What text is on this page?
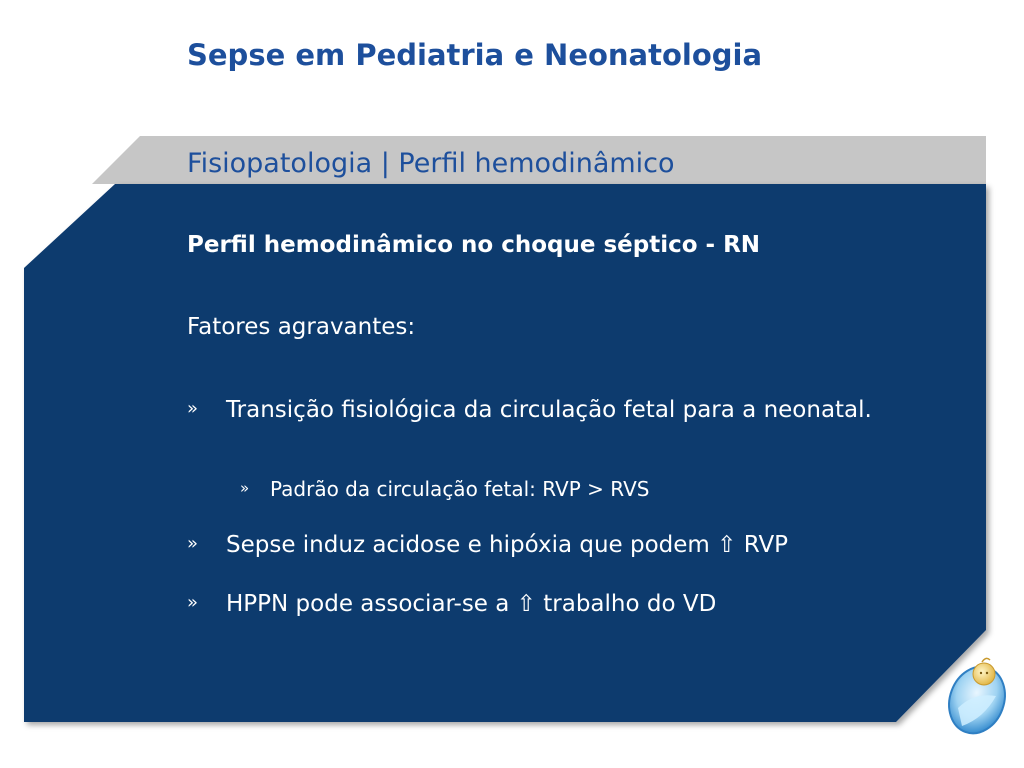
Sepse em Pediatria e Neonatologia
Fisiopatologia | Perfil hemodinâmico
Perfil hemodinâmico no choque séptico - RN

Fatores agravantes:

» Transição fisiológica da circulação fetal para a neonatal.
» Padrão da circulação fetal: RVP > RVS
» Sepse induz acidose e hipóxia que podem ⇧ RVP
» HPPN pode associar-se a ⇧ trabalho do VD
